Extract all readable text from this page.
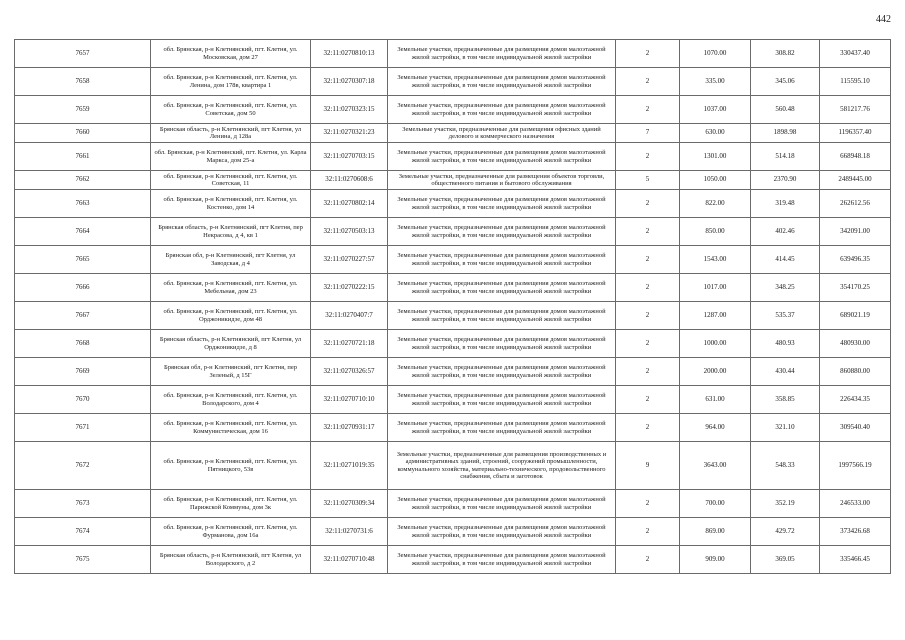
442
7657	обл. Брянская, р-н Клетнянский, пгт. Клетня, ул. Московская, дом 27	32:11:0270810:13	Земельные участки, предназначенные для размещения домов малоэтажной жилой застройки, в том числе индивидуальной жилой застройки	2	1070.00	308.82	330437.40
7658	обл. Брянская, р-н Клетнянский, пгт. Клетня, ул. Ленина, дом 178в, квартира 1	32:11:0270307:18	Земельные участки, предназначенные для размещения домов малоэтажной жилой застройки, в том числе индивидуальной жилой застройки	2	335.00	345.06	115595.10
7659	обл. Брянская, р-н Клетнянский, пгт. Клетня, ул. Советская, дом 50	32:11:0270323:15	Земельные участки, предназначенные для размещения домов малоэтажной жилой застройки, в том числе индивидуальной жилой застройки	2	1037.00	560.48	581217.76
7660	Брянская область, р-н Клетнянский, пгт Клетня, ул Ленина, д 128а	32:11:0270321:23	Земельные участки, предназначенные для размещения офисных зданий делового и коммерческого назначения	7	630.00	1898.98	1196357.40
7661	обл. Брянская, р-н Клетнянский, пгт. Клетня, ул. Карла Маркса, дом 25-а	32:11:0270703:15	Земельные участки, предназначенные для размещения домов малоэтажной жилой застройки, в том числе индивидуальной жилой застройки	2	1301.00	514.18	668948.18
7662	обл. Брянская, р-н Клетнянский, пгт. Клетня, ул. Советская, 11	32:11:0270608:6	Земельные участки, предназначенные для размещения объектов торговли, общественного питания и бытового обслуживания	5	1050.00	2370.90	2489445.00
7663	обл. Брянская, р-н Клетнянский, пгт. Клетня, ул. Костенко, дом 14	32:11:0270802:14	Земельные участки, предназначенные для размещения домов малоэтажной жилой застройки, в том числе индивидуальной жилой застройки	2	822.00	319.48	262612.56
7664	Брянская область, р-н Клетнянский, пгт Клетня, пер Некрасова, д 4, кв 1	32:11:0270503:13	Земельные участки, предназначенные для размещения домов малоэтажной жилой застройки, в том числе индивидуальной жилой застройки	2	850.00	402.46	342091.00
7665	Брянская обл, р-н Клетнянский, пгт Клетня, ул Заводская, д 4	32:11:0270227:57	Земельные участки, предназначенные для размещения домов малоэтажной жилой застройки, в том числе индивидуальной жилой застройки	2	1543.00	414.45	639496.35
7666	обл. Брянская, р-н Клетнянский, пгт. Клетня, ул. Мебельная, дом 23	32:11:0270222:15	Земельные участки, предназначенные для размещения домов малоэтажной жилой застройки, в том числе индивидуальной жилой застройки	2	1017.00	348.25	354170.25
7667	обл. Брянская, р-н Клетнянский, пгт. Клетня, ул. Орджоникидзе, дом 48	32:11:0270407:7	Земельные участки, предназначенные для размещения домов малоэтажной жилой застройки, в том числе индивидуальной жилой застройки	2	1287.00	535.37	689021.19
7668	Брянская область, р-н Клетнянский, пгт Клетня, ул Орджоникидзе, д 8	32:11:0270721:18	Земельные участки, предназначенные для размещения домов малоэтажной жилой застройки, в том числе индивидуальной жилой застройки	2	1000.00	480.93	480930.00
7669	Брянская обл, р-н Клетнянский, пгт Клетня, пер Зеленый, д 15Г	32:11:0270326:57	Земельные участки, предназначенные для размещения домов малоэтажной жилой застройки, в том числе индивидуальной жилой застройки	2	2000.00	430.44	860880.00
7670	обл. Брянская, р-н Клетнянский, пгт. Клетня, ул. Володарского, дом 4	32:11:0270710:10	Земельные участки, предназначенные для размещения домов малоэтажной жилой застройки, в том числе индивидуальной жилой застройки	2	631.00	358.85	226434.35
7671	обл. Брянская, р-н Клетнянский, пгт. Клетня, ул. Коммунистическая, дом 16	32:11:0270931:17	Земельные участки, предназначенные для размещения домов малоэтажной жилой застройки, в том числе индивидуальной жилой застройки	2	964.00	321.10	309540.40
7672	обл. Брянская, р-н Клетнянский, пгт. Клетня, ул. Пятницкого, 53в	32:11:0271019:35	Земельные участки, предназначенные для размещения производственных и административных зданий, строений, сооружений промышленности, коммунального хозяйства, материально-технического, продовольственного снабжения, сбыта и заготовок	9	3643.00	548.33	1997566.19
7673	обл. Брянская, р-н Клетнянский, пгт. Клетня, ул. Парижской Коммуны, дом 3к	32:11:0270309:34	Земельные участки, предназначенные для размещения домов малоэтажной жилой застройки, в том числе индивидуальной жилой застройки	2	700.00	352.19	246533.00
7674	обл. Брянская, р-н Клетнянский, пгт. Клетня, ул. Фурманова, дом 16а	32:11:0270731:6	Земельные участки, предназначенные для размещения домов малоэтажной жилой застройки, в том числе индивидуальной жилой застройки	2	869.00	429.72	373426.68
7675	Брянская область, р-н Клетнянский, пгт Клетня, ул Володарского, д 2	32:11:0270710:48	Земельные участки, предназначенные для размещения домов малоэтажной жилой застройки, в том числе индивидуальной жилой застройки	2	909.00	369.05	335466.45
